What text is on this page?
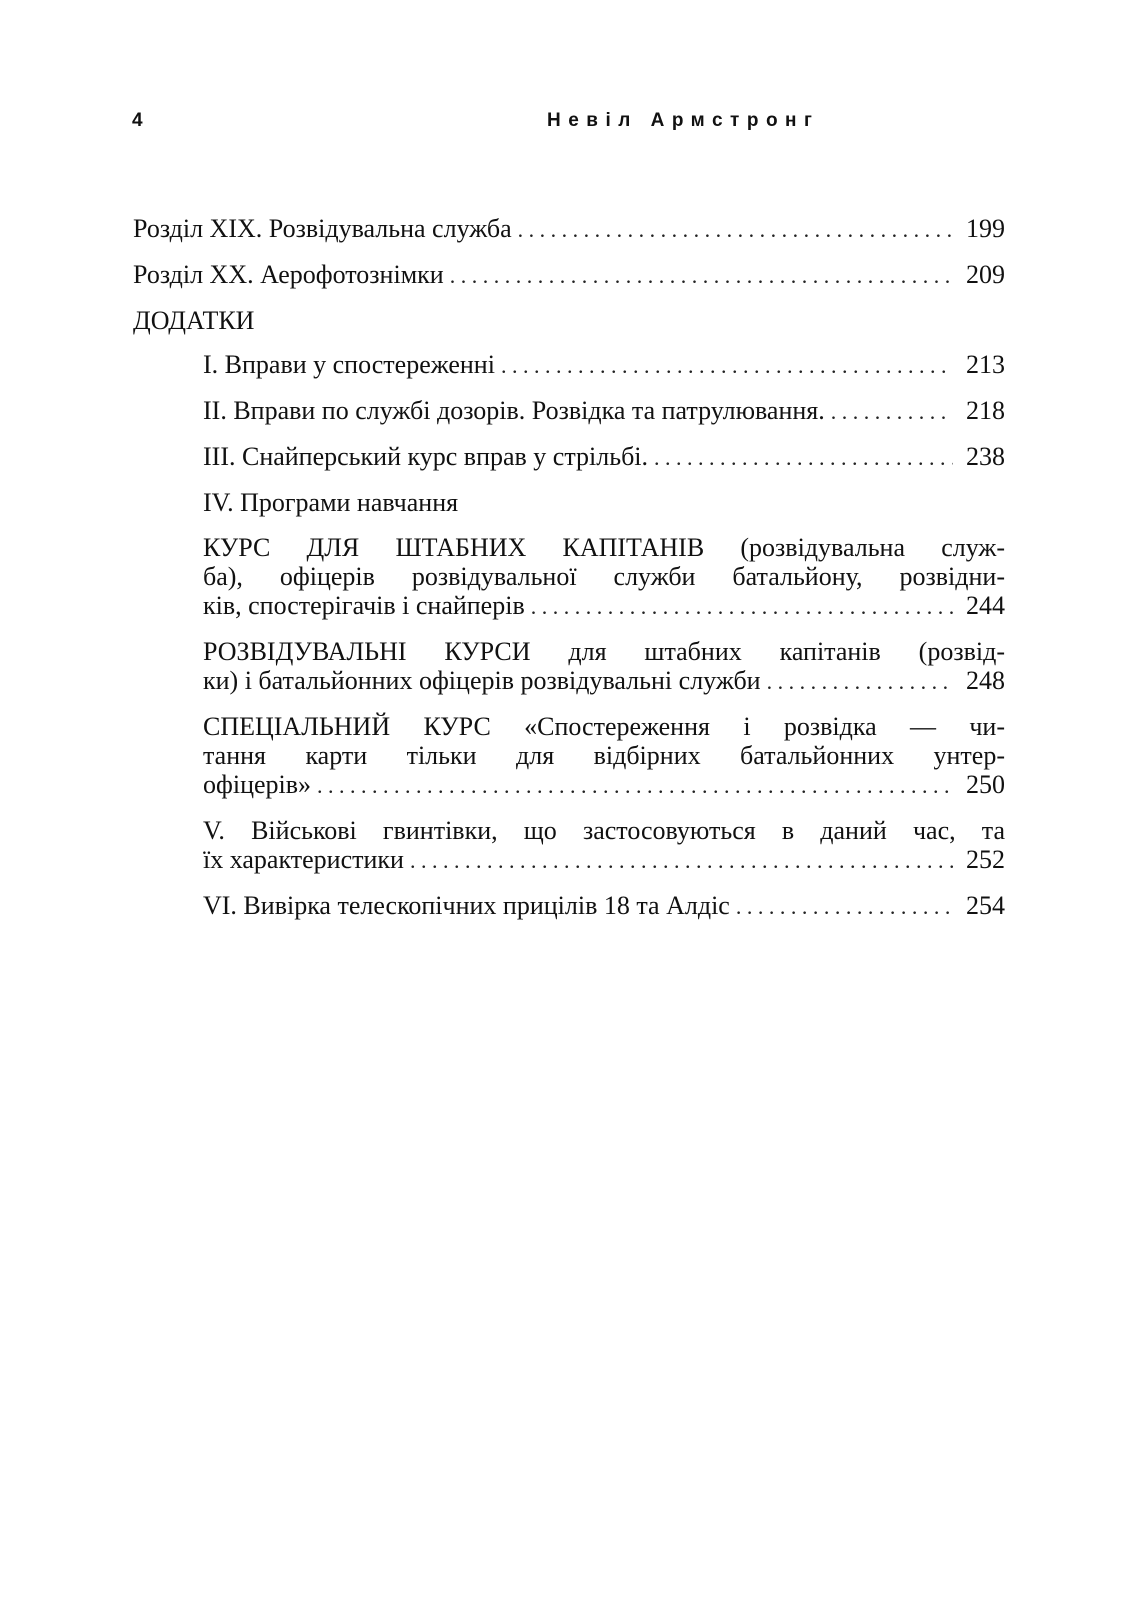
4	Невіл Армстронг
Розділ XIX. Розвідувальна служба . . .	199
Розділ XX. Аерофотознімки . . .	209
ДОДАТКИ
І. Вправи у спостереженні . . .	213
ІІ. Вправи по службі дозорів. Розвідка та патрулювання. . . .	218
ІІІ. Снайперський курс вправ у стрільбі. . . .	238
ІV. Програми навчання
КУРС ДЛЯ ШТАБНИХ КАПІТАНІВ (розвідувальна служ-
ба), офіцерів розвідувальної служби батальйону, розвідни-
ків, спостерігачів і снайперів . . .	244
РОЗВІДУВАЛЬНІ КУРСИ для штабних капітанів (розвід-
ки) і батальйонних офіцерів розвідувальні служби . . .	248
СПЕЦІАЛЬНИЙ КУРС «Спостереження і розвідка — чи-
тання карти тільки для відбірних батальйонних унтер-
офіцерів» . . .	250
V. Військові гвинтівки, що застосовуються в даний час, та
їх характеристики . . .	252
VІ. Вивірка телескопічних прицілів 18 та Алдіс . . .	254
